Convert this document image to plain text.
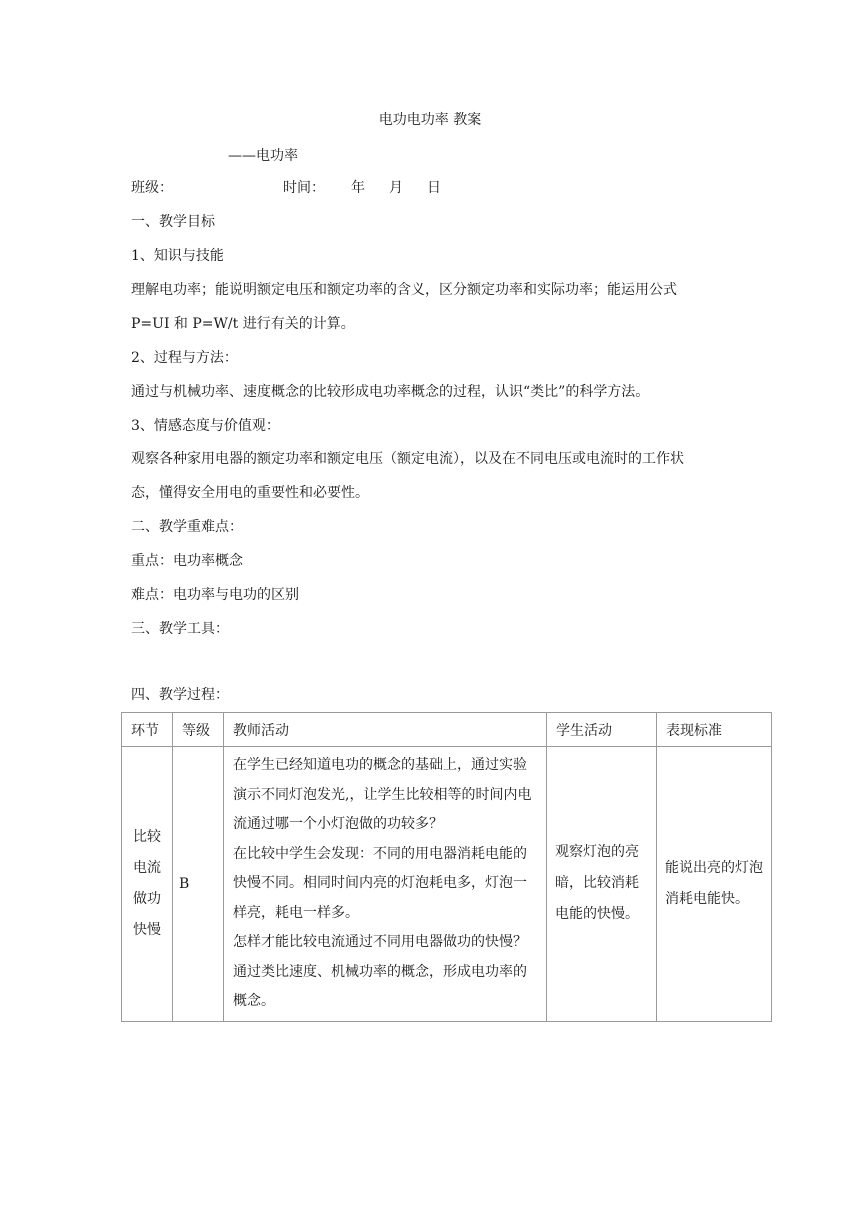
电功电功率 教案
——电功率
班级：	时间： 年 月 日
一、教学目标
1、知识与技能
理解电功率；能说明额定电压和额定功率的含义，区分额定功率和实际功率；能运用公式
P=UI 和 P=W/t 进行有关的计算。
2、过程与方法：
通过与机械功率、速度概念的比较形成电功率概念的过程，认识“类比”的科学方法。
3、情感态度与价值观：
观察各种家用电器的额定功率和额定电压（额定电流），以及在不同电压或电流时的工作状
态，懂得安全用电的重要性和必要性。
二、教学重难点：
重点：电功率概念
难点：电功率与电功的区别
三、教学工具：
四、教学过程：
环节	等级	教师活动	学生活动	表现标准
比较电流做功快慢	B	在学生已经知道电功的概念的基础上，通过实验演示不同灯泡发光,，让学生比较相等的时间内电流通过哪一个小灯泡做的功较多？

在比较中学生会发现：不同的用电器消耗电能的快慢不同。相同时间内亮的灯泡耗电多，灯泡一样亮，耗电一样多。

怎样才能比较电流通过不同用电器做功的快慢？

通过类比速度、机械功率的概念，形成电功率的概念。	观察灯泡的亮暗，比较消耗电能的快慢。	能说出亮的灯泡消耗电能快。
